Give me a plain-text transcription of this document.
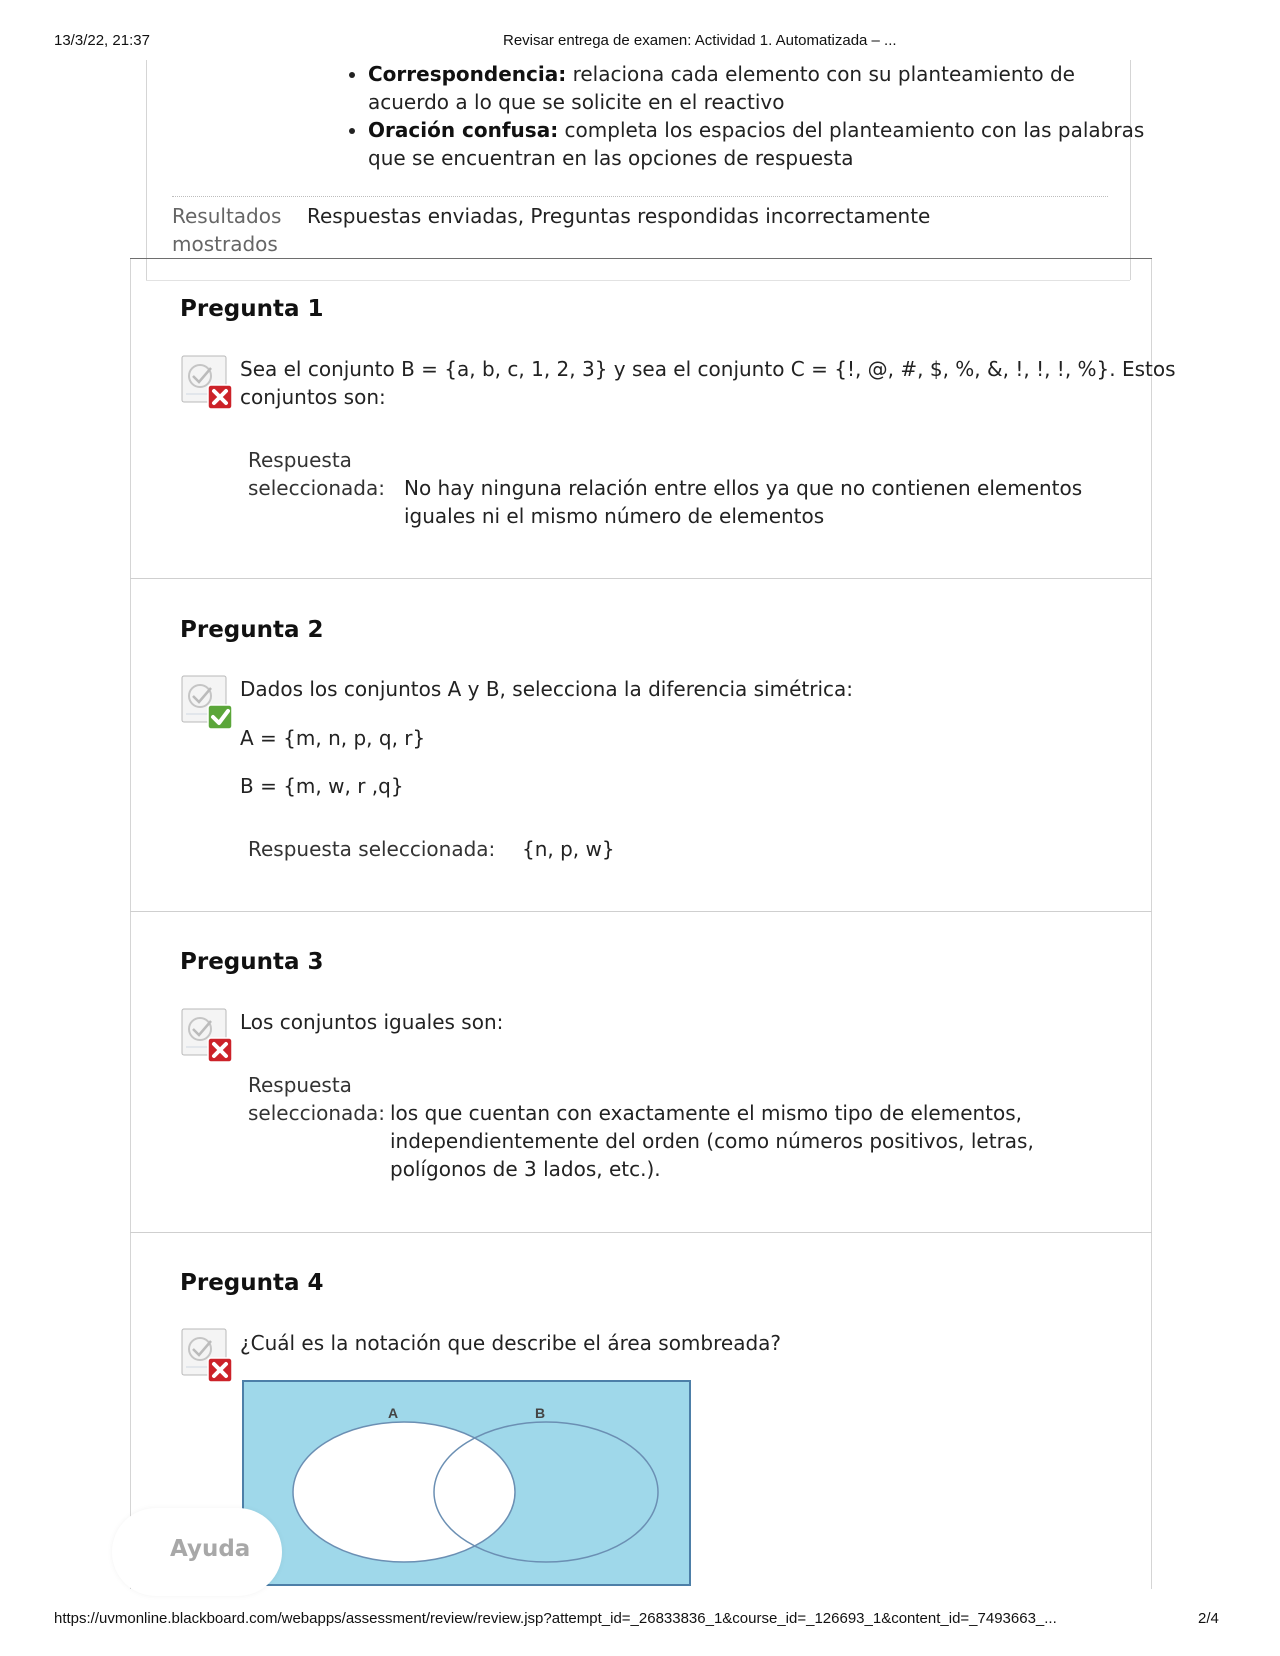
13/3/22, 21:37	Revisar entrega de examen: Actividad 1. Automatizada – ...
• Correspondencia: relaciona cada elemento con su planteamiento de acuerdo a lo que se solicite en el reactivo
• Oración confusa: completa los espacios del planteamiento con las palabras que se encuentran en las opciones de respuesta
Resultados
mostrados
Respuestas enviadas, Preguntas respondidas incorrectamente
Pregunta 1
Sea el conjunto B = {a, b, c, 1, 2, 3} y sea el conjunto C = {!, @, #, $, %, &, !, !, !, %}. Estos
conjuntos son:
Respuesta
seleccionada: No hay ninguna relación entre ellos ya que no contienen elementos
iguales ni el mismo número de elementos
Pregunta 2
Dados los conjuntos A y B, selecciona la diferencia simétrica:
A = {m, n, p, q, r}
B = {m, w, r ,q}
Respuesta seleccionada: {n, p, w}
Pregunta 3
Los conjuntos iguales son:
Respuesta
seleccionada: los que cuentan con exactamente el mismo tipo de elementos,
independientemente del orden (como números positivos, letras,
polígonos de 3 lados, etc.).
Pregunta 4
¿Cuál es la notación que describe el área sombreada?
A	B
Ayuda
https://uvmonline.blackboard.com/webapps/assessment/review/review.jsp?attempt_id=_26833836_1&course_id=_126693_1&content_id=_7493663_...	2/4
